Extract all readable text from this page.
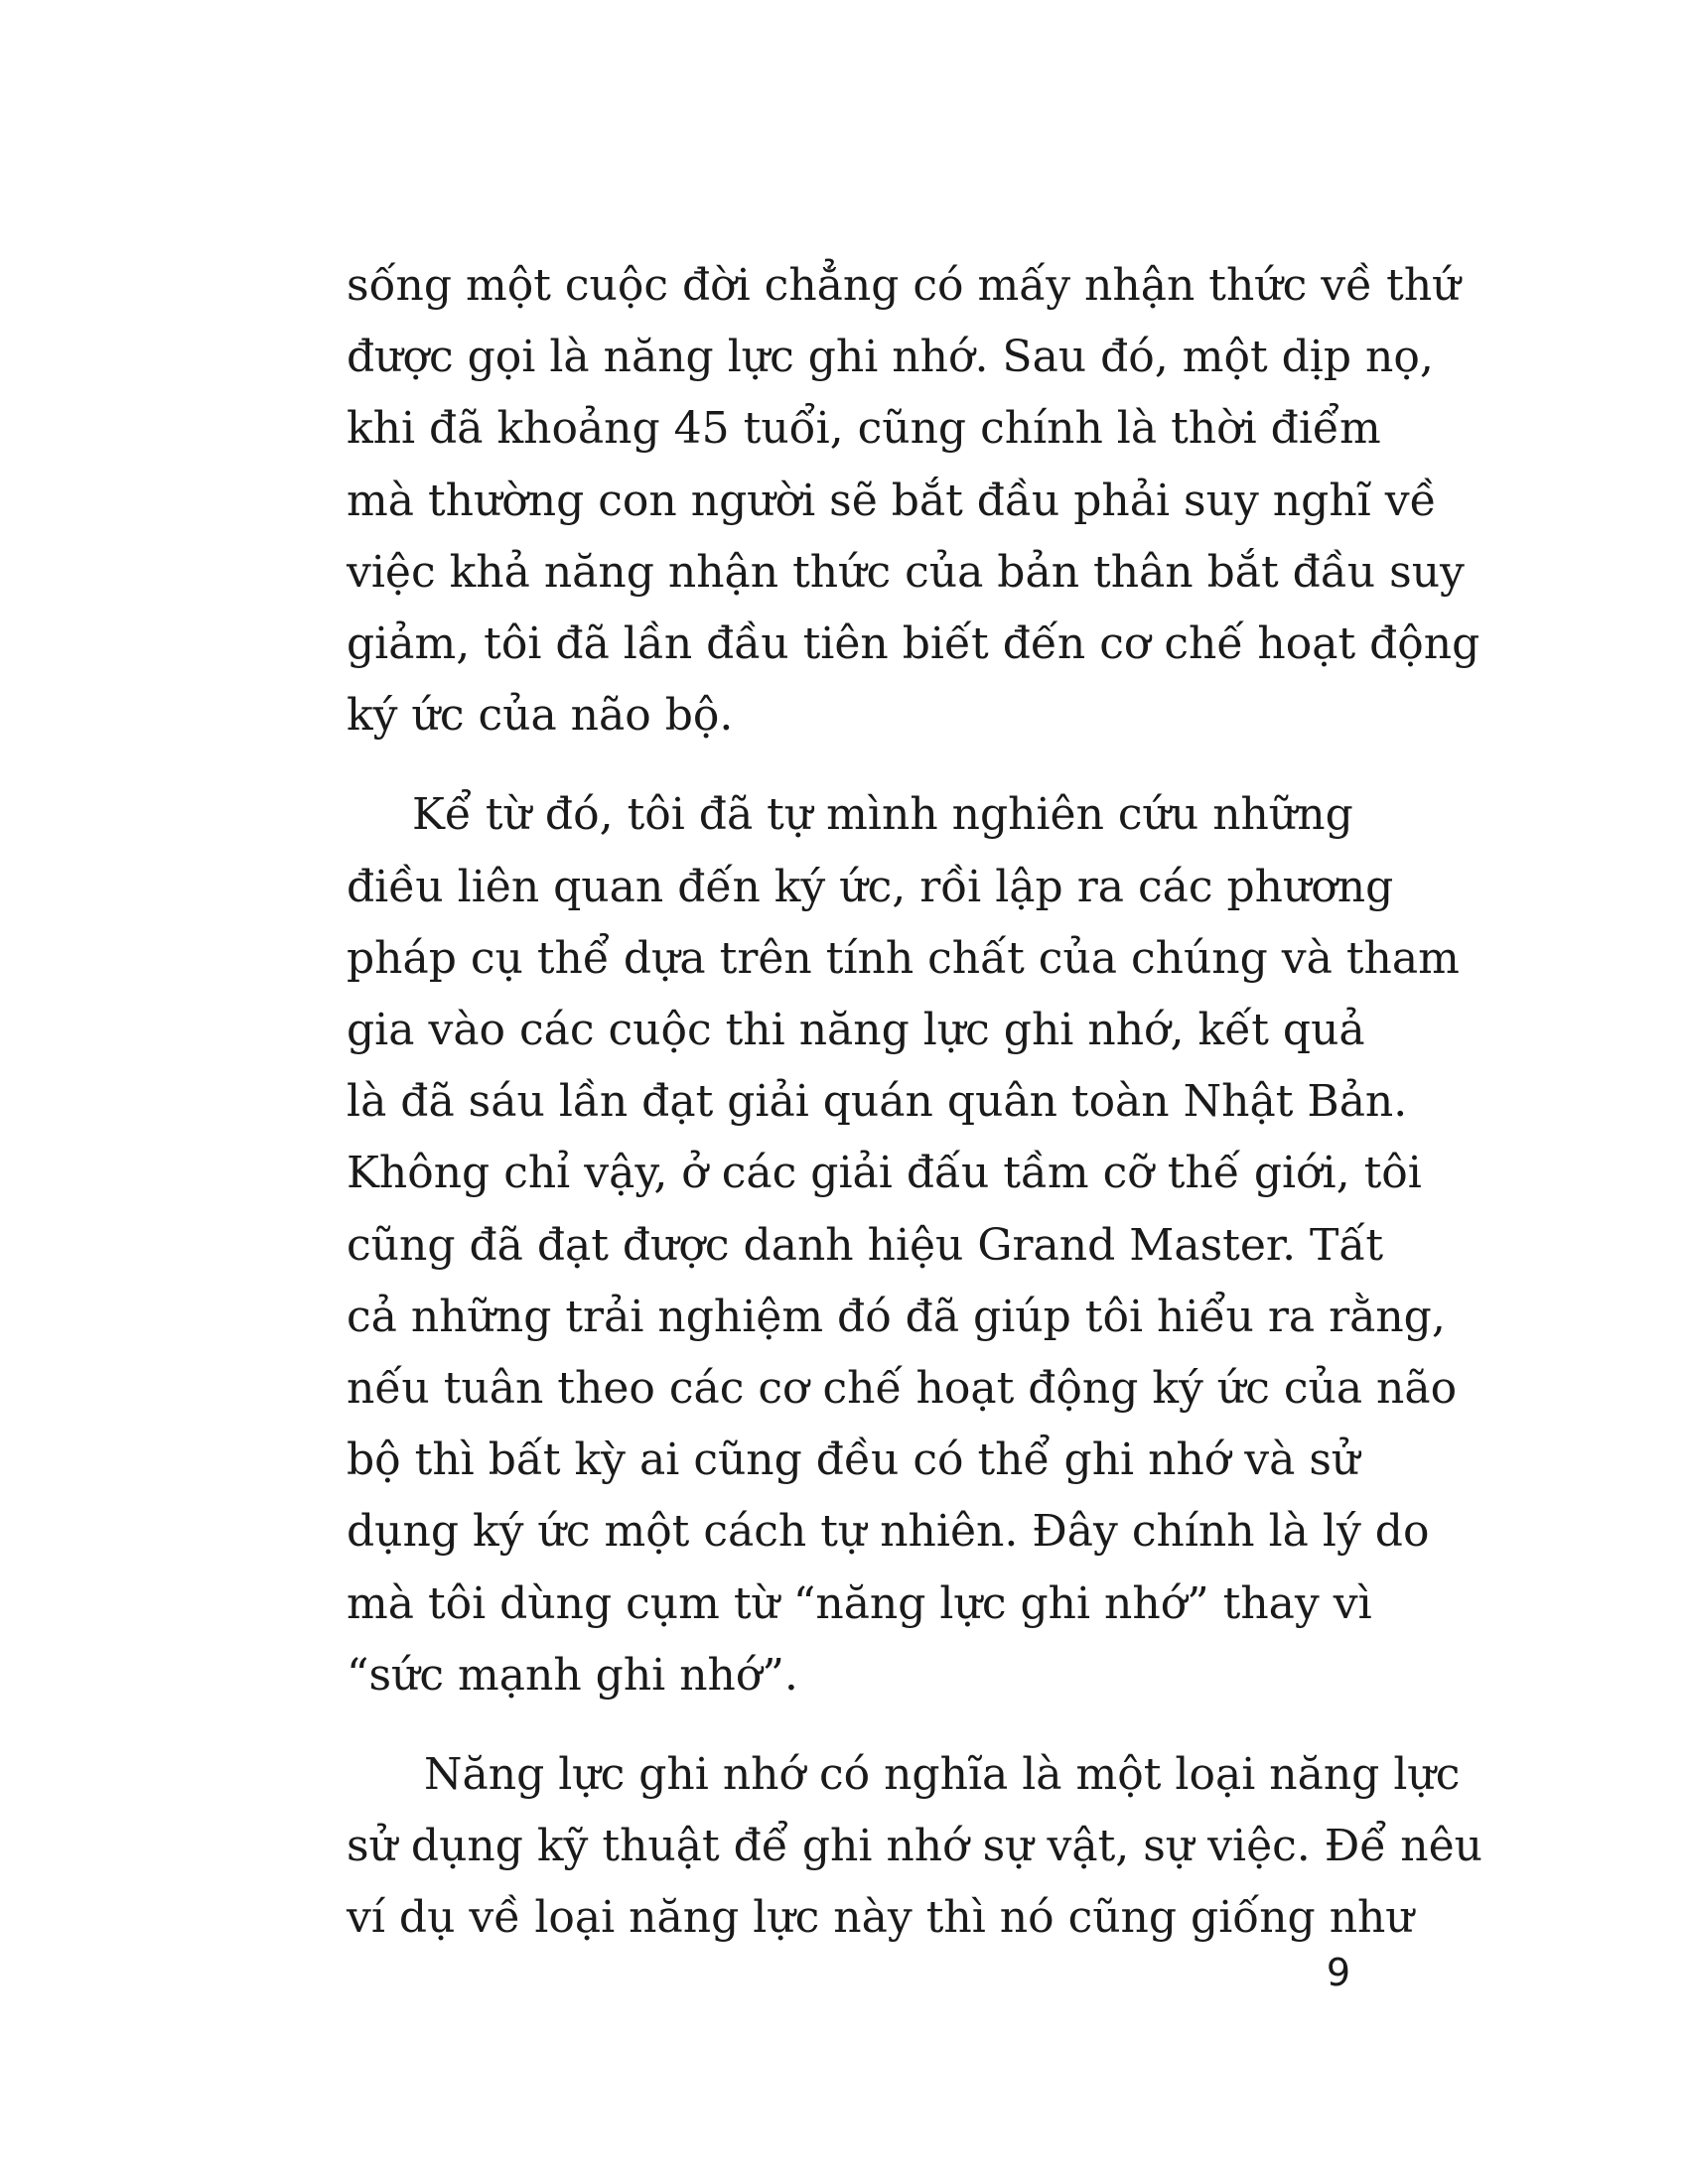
sống một cuộc đời chẳng có mấy nhận thức về thứ
được gọi là năng lực ghi nhớ. Sau đó, một dịp nọ,
khi đã khoảng 45 tuổi, cũng chính là thời điểm
mà thường con người sẽ bắt đầu phải suy nghĩ về
việc khả năng nhận thức của bản thân bắt đầu suy
giảm, tôi đã lần đầu tiên biết đến cơ chế hoạt động
ký ức của não bộ.
Kể từ đó, tôi đã tự mình nghiên cứu những
điều liên quan đến ký ức, rồi lập ra các phương
pháp cụ thể dựa trên tính chất của chúng và tham
gia vào các cuộc thi năng lực ghi nhớ, kết quả
là đã sáu lần đạt giải quán quân toàn Nhật Bản.
Không chỉ vậy, ở các giải đấu tầm cỡ thế giới, tôi
cũng đã đạt được danh hiệu Grand Master. Tất
cả những trải nghiệm đó đã giúp tôi hiểu ra rằng,
nếu tuân theo các cơ chế hoạt động ký ức của não
bộ thì bất kỳ ai cũng đều có thể ghi nhớ và sử
dụng ký ức một cách tự nhiên. Đây chính là lý do
mà tôi dùng cụm từ “năng lực ghi nhớ” thay vì
“sức mạnh ghi nhớ”.
Năng lực ghi nhớ có nghĩa là một loại năng lực
sử dụng kỹ thuật để ghi nhớ sự vật, sự việc. Để nêu
ví dụ về loại năng lực này thì nó cũng giống như
9
